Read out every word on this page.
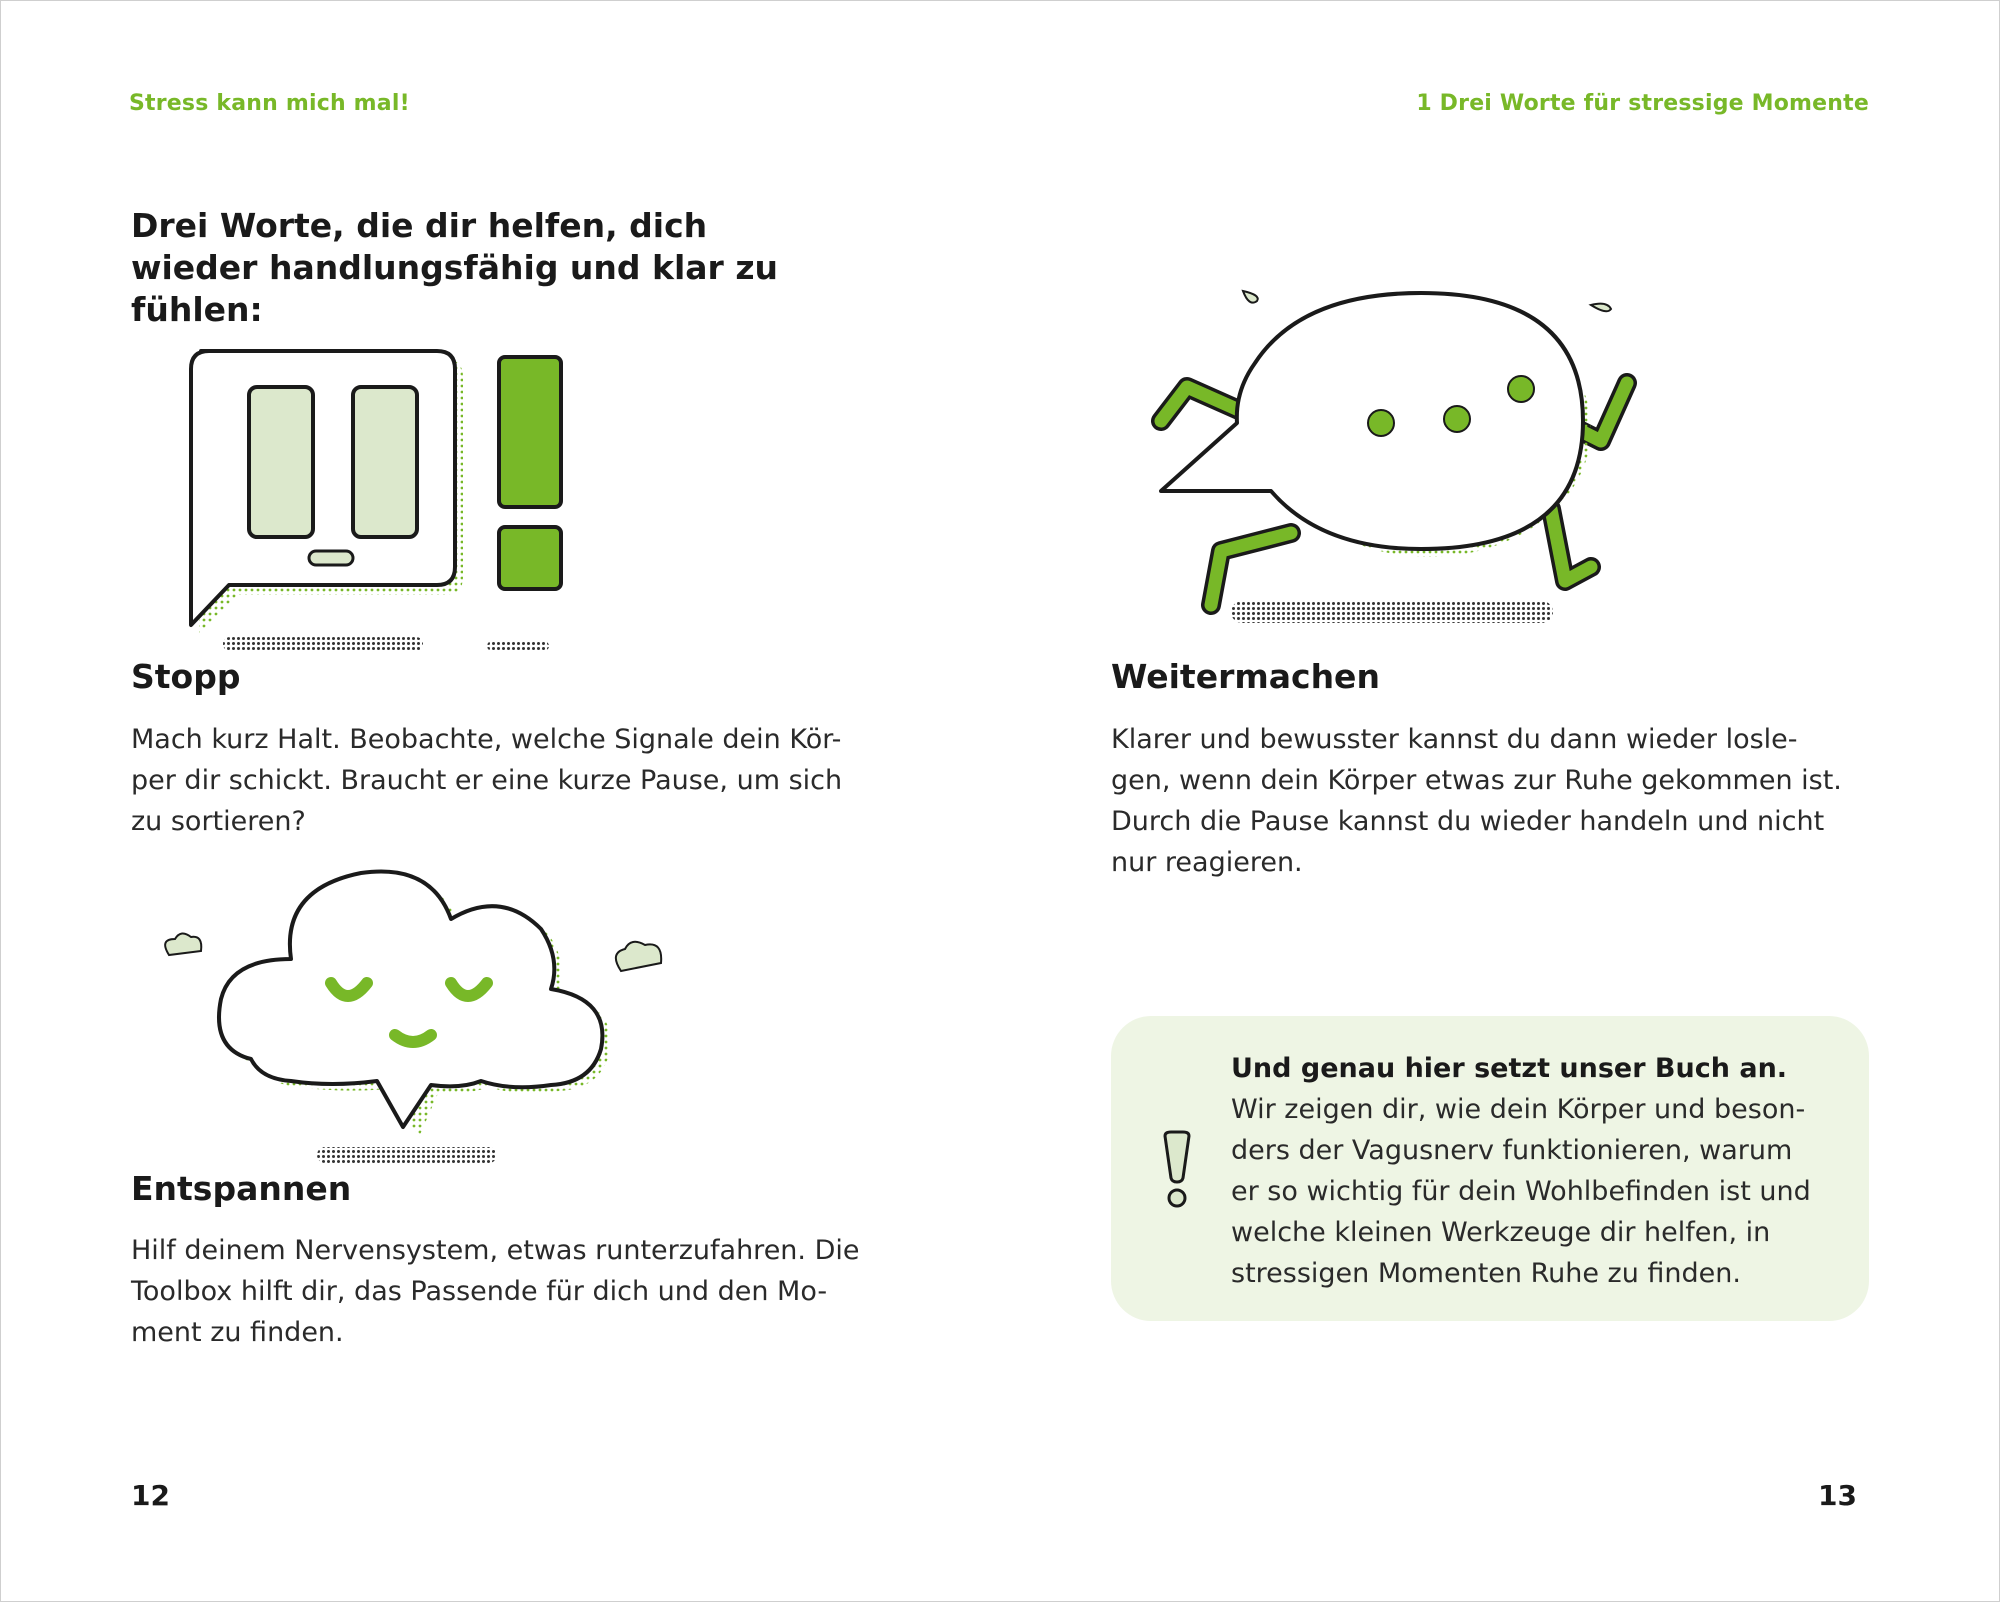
Stress kann mich mal!	1 Drei Worte für stressige Momente
Drei Worte, die dir helfen, dich wieder handlungsfähig und klar zu fühlen:
Stopp
Mach kurz Halt. Beobachte, welche Signale dein Kör-
per dir schickt. Braucht er eine kurze Pause, um sich
zu sortieren?
Entspannen
Hilf deinem Nervensystem, etwas runterzufahren. Die
Toolbox hilft dir, das Passende für dich und den Mo-
ment zu finden.
Weitermachen
Klarer und bewusster kannst du dann wieder losle-
gen, wenn dein Körper etwas zur Ruhe gekommen ist.
Durch die Pause kannst du wieder handeln und nicht
nur reagieren.
Und genau hier setzt unser Buch an.
Wir zeigen dir, wie dein Körper und beson-
ders der Vagusnerv funktionieren, warum
er so wichtig für dein Wohlbefinden ist und
welche kleinen Werkzeuge dir helfen, in
stressigen Momenten Ruhe zu finden.
12	13
